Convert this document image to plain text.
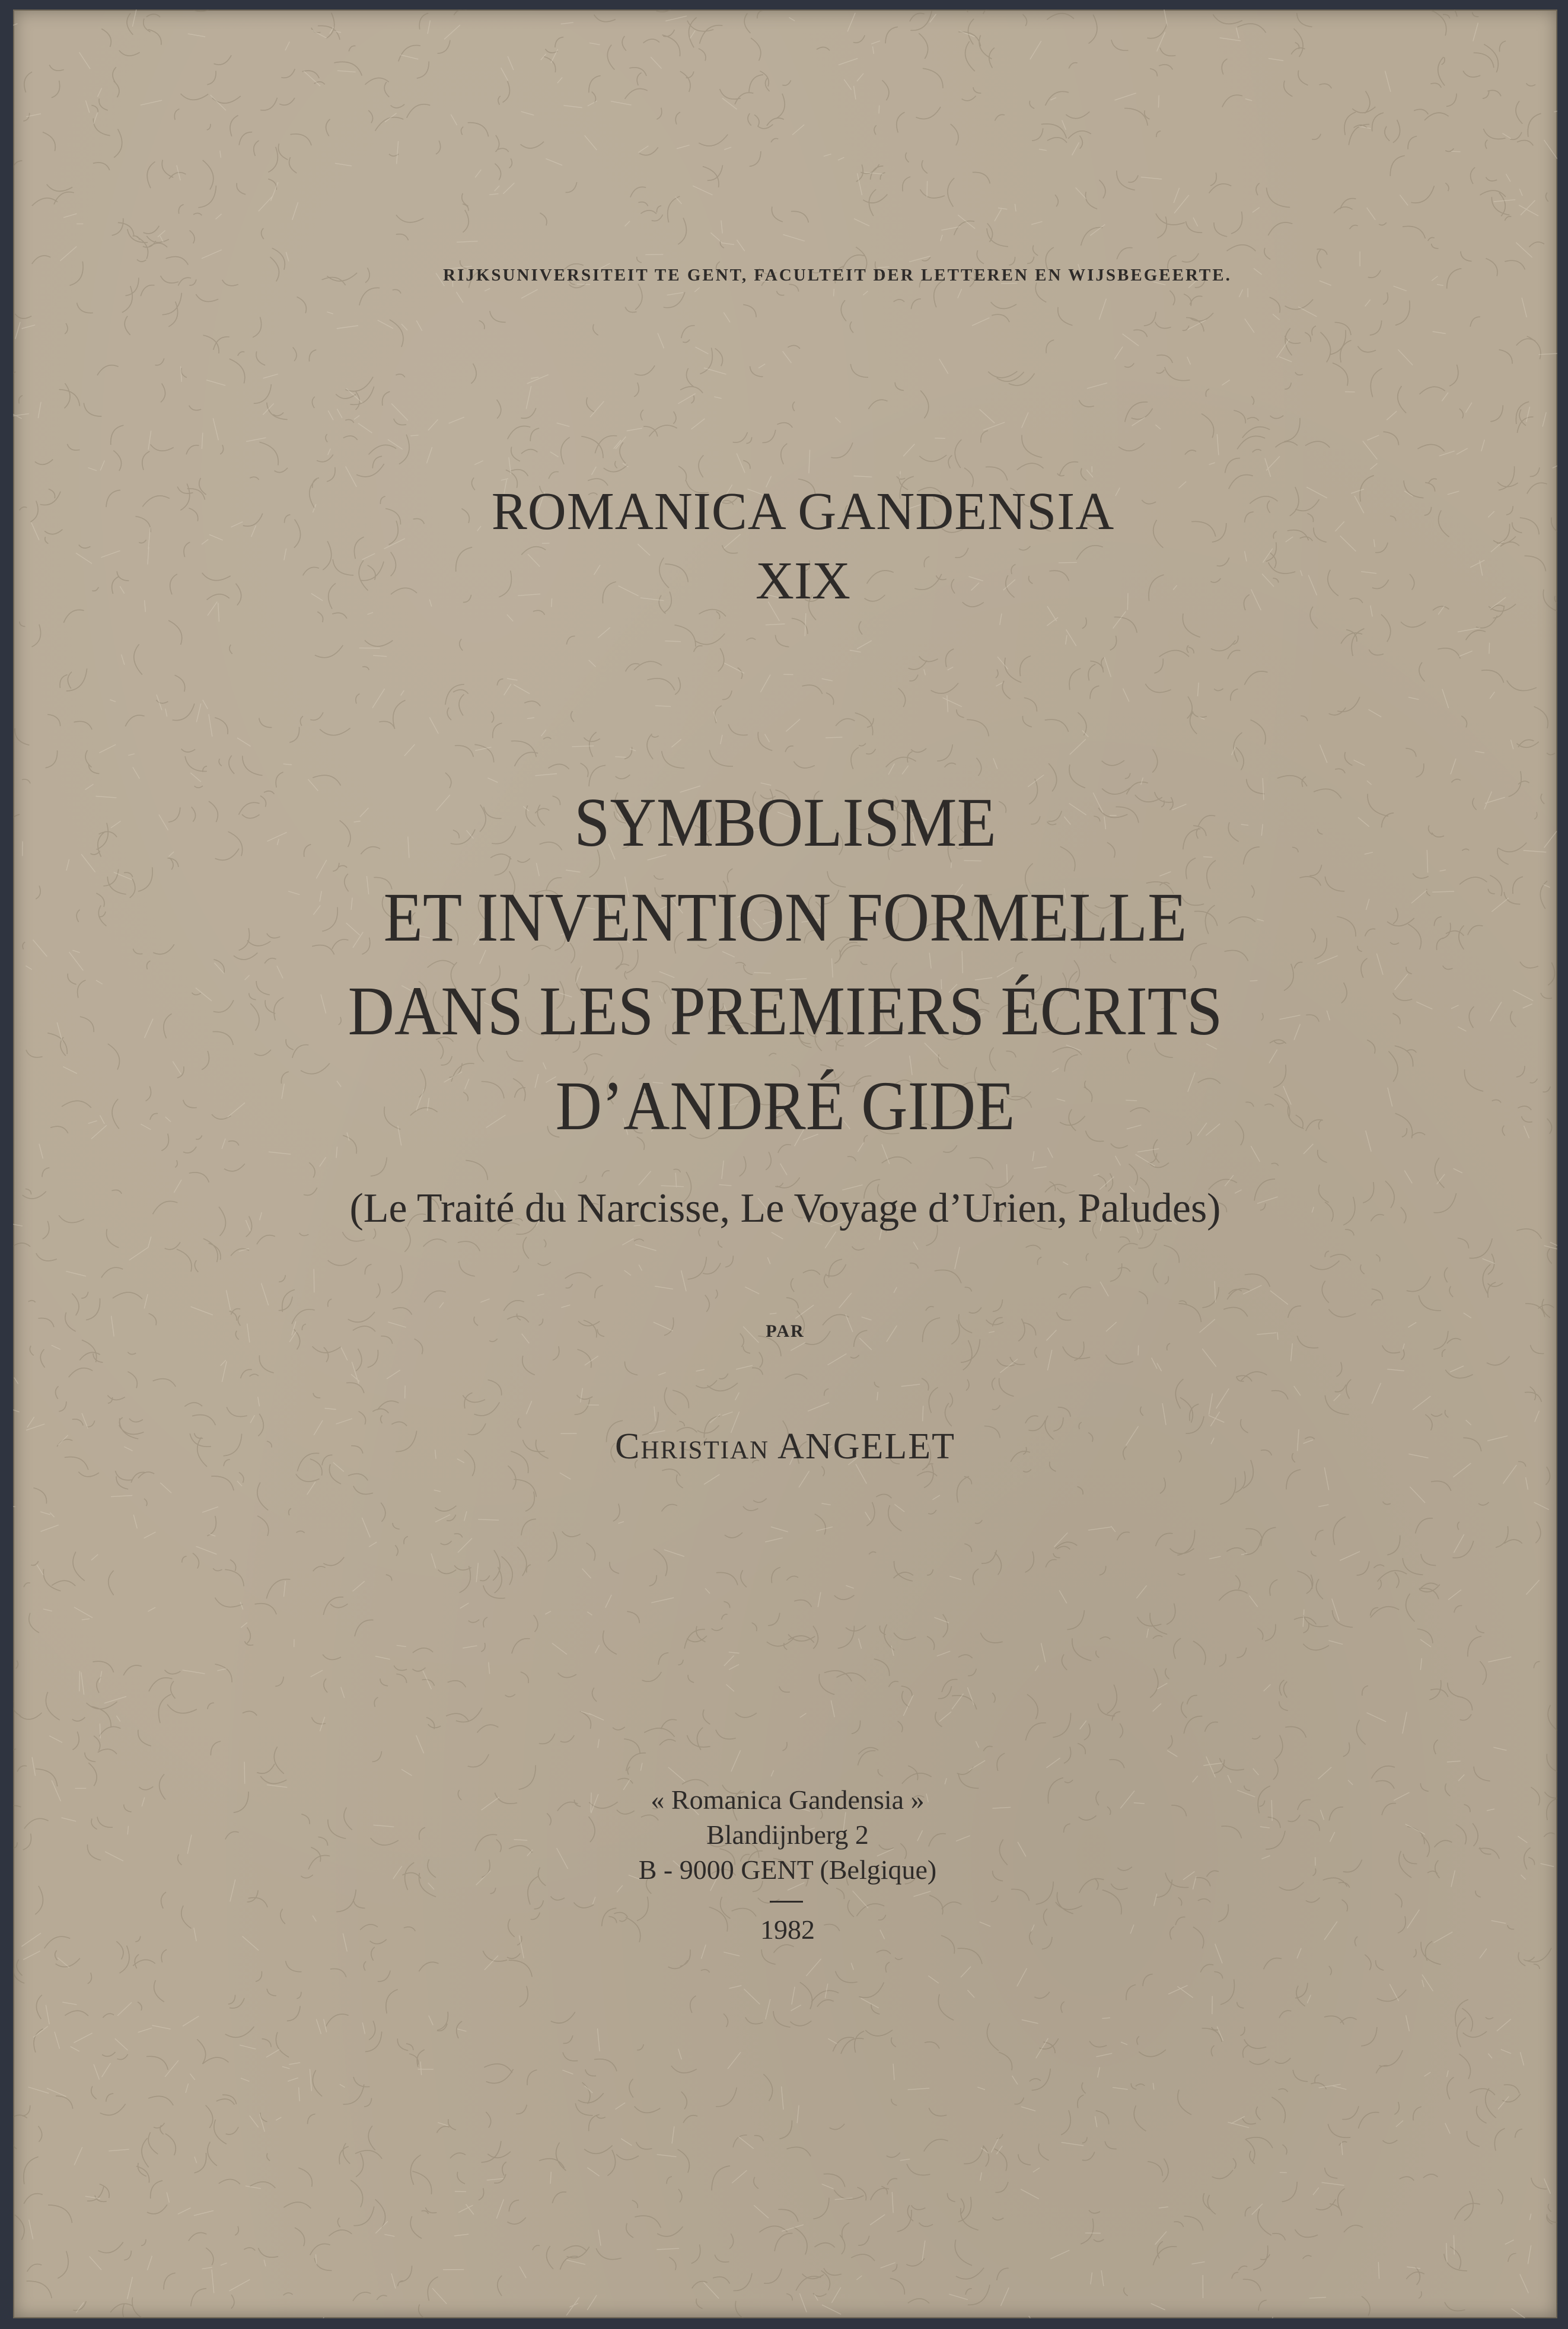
RIJKSUNIVERSITEIT TE GENT, FACULTEIT DER LETTEREN EN WIJSBEGEERTE.
ROMANICA GANDENSIA
XIX
SYMBOLISME
ET INVENTION FORMELLE
DANS LES PREMIERS ÉCRITS
D’ANDRÉ GIDE
(Le Traité du Narcisse, Le Voyage d’Urien, Paludes)
PAR
Christian ANGELET
« Romanica Gandensia »
Blandijnberg 2
B - 9000 GENT (Belgique)
1982
